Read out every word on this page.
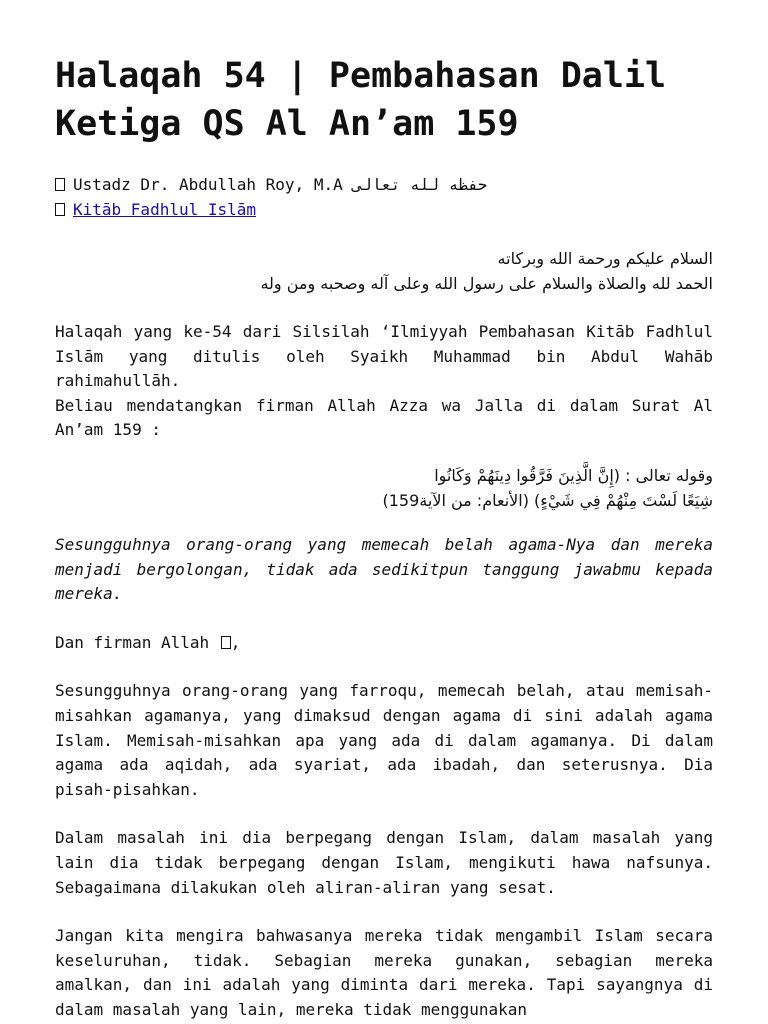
Halaqah 54 | Pembahasan Dalil Ketiga QS Al An’am 159
Ustadz Dr. Abdullah Roy, M.A حفظه لله تعالى
Kitāb Fadhlul Islām
السلام عليكم ورحمة الله وبركاته
الحمد لله والصلاة والسلام على رسول الله وعلى آله وصحبه ومن وله

Halaqah yang ke-54 dari Silsilah ‘Ilmiyyah Pembahasan Kitāb Fadhlul Islām yang ditulis oleh Syaikh Muhammad bin Abdul Wahāb rahimahullāh.
Beliau mendatangkan firman Allah Azza wa Jalla di dalam Surat Al An’am 159 :

وقوله تعالى : (إِنَّ الَّذِينَ فَرَّقُوا دِينَهُمْ وَكَانُوا
شِيَعًا لَسْتَ مِنْهُمْ فِي شَيْءٍ) (الأنعام: من الآية159)

Sesungguhnya orang-orang yang memecah belah agama-Nya dan mereka menjadi bergolongan, tidak ada sedikitpun tanggung jawabmu kepada mereka.

Dan firman Allah ,

Sesungguhnya orang-orang yang farroqu, memecah belah, atau memisah-misahkan agamanya, yang dimaksud dengan agama di sini adalah agama Islam. Memisah-misahkan apa yang ada di dalam agamanya. Di dalam agama ada aqidah, ada syariat, ada ibadah, dan seterusnya. Dia pisah-pisahkan.

Dalam masalah ini dia berpegang dengan Islam, dalam masalah yang lain dia tidak berpegang dengan Islam, mengikuti hawa nafsunya. Sebagaimana dilakukan oleh aliran-aliran yang sesat.

Jangan kita mengira bahwasanya mereka tidak mengambil Islam secara keseluruhan, tidak. Sebagian mereka gunakan, sebagian mereka amalkan, dan ini adalah yang diminta dari mereka. Tapi sayangnya di dalam masalah yang lain, mereka tidak menggunakan
